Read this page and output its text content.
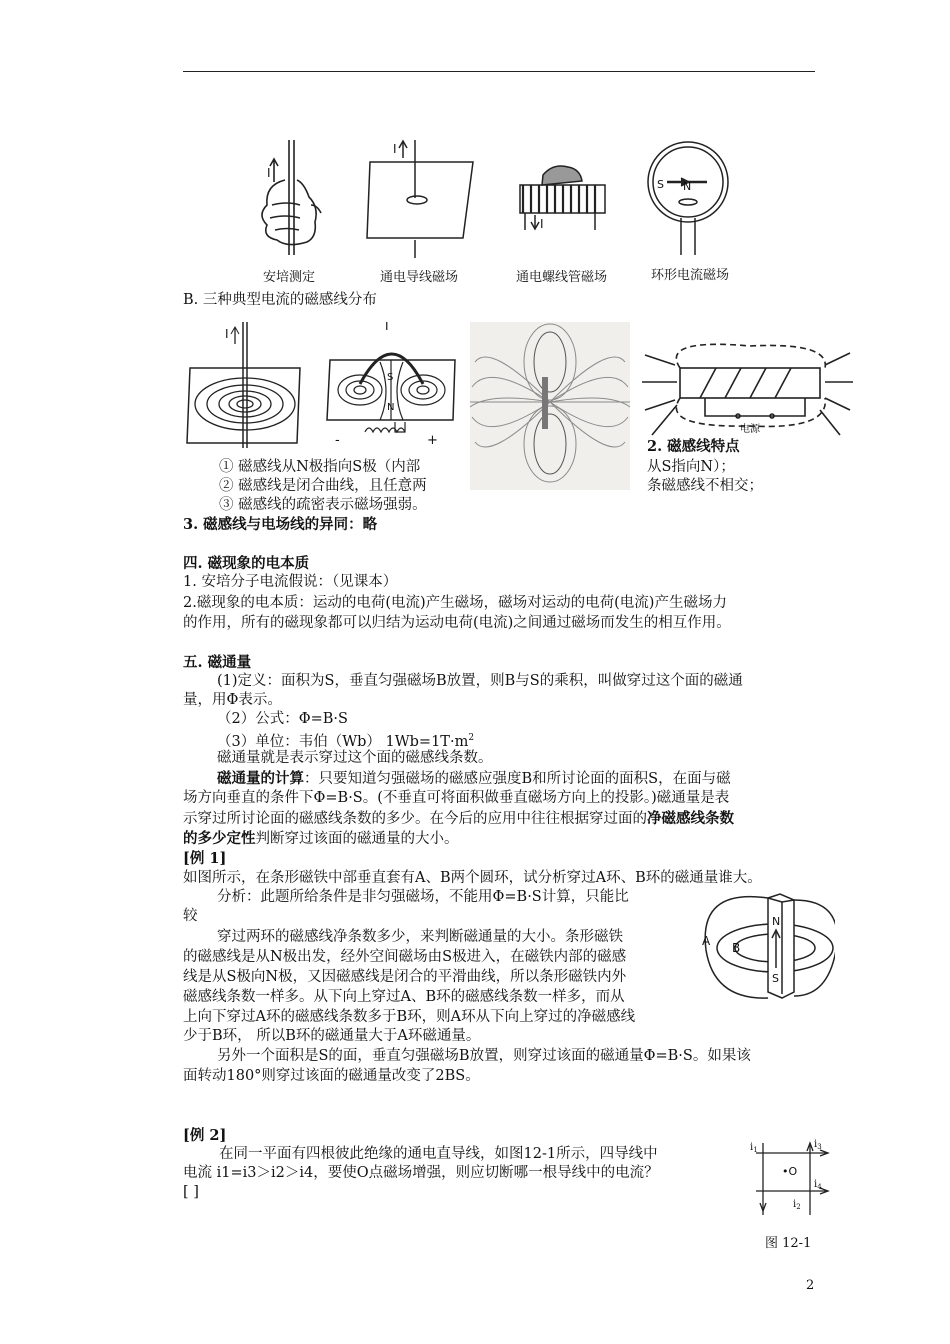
N
S
I
I
I
安培测定	通电导线磁场	通电螺线管磁场	环形电流磁场
B. 三种典型电流的磁感线分布
I
I
S
N
-	+
电源
2. 磁感线特点
① 磁感线从N极指向S极（内部	从S指向N）；
② 磁感线是闭合曲线，且任意两	条磁感线不相交；
③ 磁感线的疏密表示磁场强弱。
3. 磁感线与电场线的异同：略
四. 磁现象的电本质
1. 安培分子电流假说：（见课本）
2.磁现象的电本质：运动的电荷(电流)产生磁场，磁场对运动的电荷(电流)产生磁场力
的作用，所有的磁现象都可以归结为运动电荷(电流)之间通过磁场而发生的相互作用。
五. 磁通量
(1)定义：面积为S，垂直匀强磁场B放置，则B与S的乘积，叫做穿过这个面的磁通
量，用Φ表示。
（2）公式：Φ=B·S
（3）单位：韦伯（Wb） $1Wb=1T\cdot m^2$
磁通量就是表示穿过这个面的磁感线条数。
磁通量的计算：只要知道匀强磁场的磁感应强度B和所讨论面的面积S，在面与磁
场方向垂直的条件下Φ=B·S。(不垂直可将面积做垂直磁场方向上的投影。)磁通量是表
示穿过所讨论面的磁感线条数的多少。在今后的应用中往往根据穿过面的净磁感线条数
的多少定性判断穿过该面的磁通量的大小。
[例 1]
如图所示，在条形磁铁中部垂直套有A、B两个圆环，试分析穿过A环、B环的磁通量谁大。
分析：此题所给条件是非匀强磁场，不能用Φ=B·S计算，只能比
较
穿过两环的磁感线净条数多少，来判断磁通量的大小。条形磁铁
的磁感线是从N极出发，经外空间磁场由S极进入，在磁铁内部的磁感
线是从S极向N极，又因磁感线是闭合的平滑曲线，所以条形磁铁内外
磁感线条数一样多。从下向上穿过A、B环的磁感线条数一样多，而从
上向下穿过A环的磁感线条数多于B环，则A环从下向上穿过的净磁感线
少于B环， 所以B环的磁通量大于A环磁通量。
另外一个面积是S的面，垂直匀强磁场B放置，则穿过该面的磁通量Φ=B·S。如果该
面转动180°则穿过该面的磁通量改变了2BS。
A B
N
S
[例 2]
在同一平面有四根彼此绝缘的通电直导线，如图12-1所示，四导线中
电流 i1=i3＞i2＞i4，要使O点磁场增强，则应切断哪一根导线中的电流？
[ ]
$i_1$	$i_3$
$i_4$
$i_2$
•O
图 12-1
2
